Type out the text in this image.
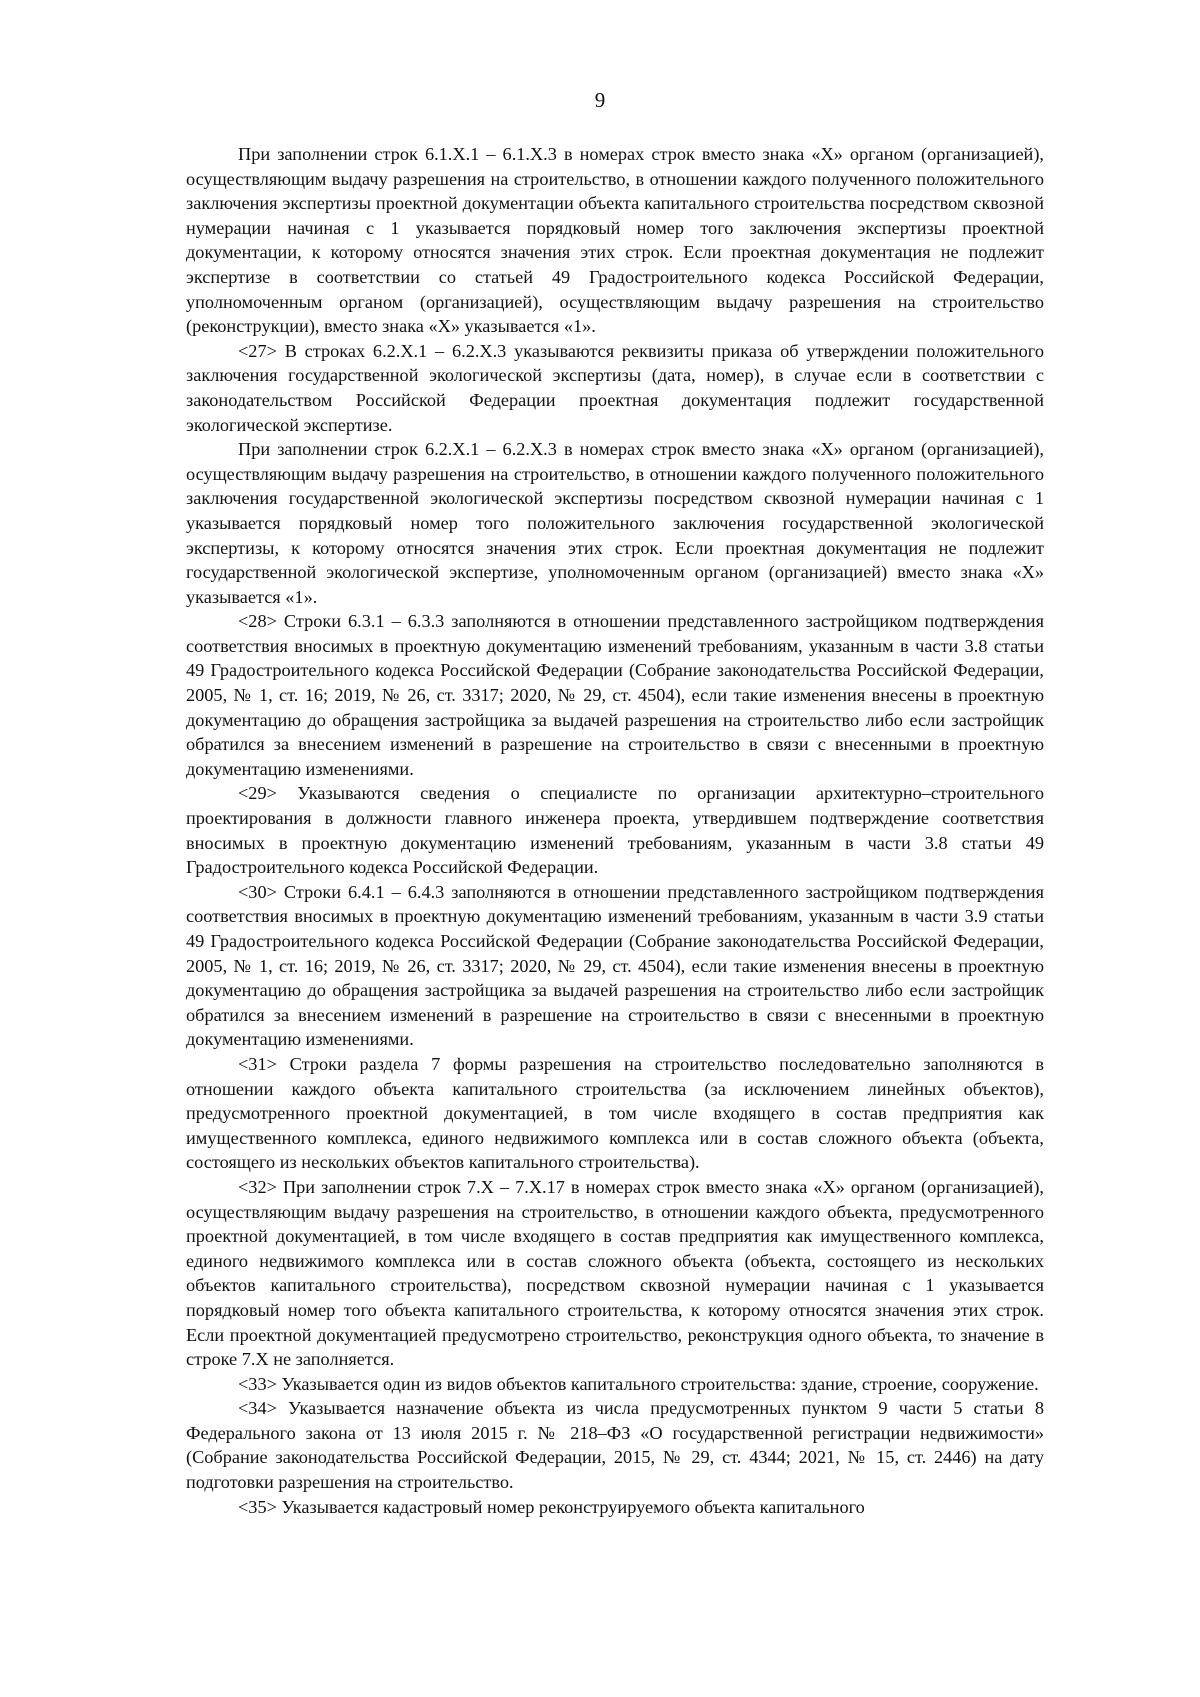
9

При заполнении строк 6.1.Х.1 – 6.1.Х.3 в номерах строк вместо знака «Х» органом (организацией), осуществляющим выдачу разрешения на строительство, в отношении каждого полученного положительного заключения экспертизы проектной документации объекта капитального строительства посредством сквозной нумерации начиная с 1 указывается порядковый номер того заключения экспертизы проектной документации, к которому относятся значения этих строк. Если проектная документация не подлежит экспертизе в соответствии со статьей 49 Градостроительного кодекса Российской Федерации, уполномоченным органом (организацией), осуществляющим выдачу разрешения на строительство (реконструкции), вместо знака «Х» указывается «1».

<27> В строках 6.2.Х.1 – 6.2.Х.3 указываются реквизиты приказа об утверждении положительного заключения государственной экологической экспертизы (дата, номер), в случае если в соответствии с законодательством Российской Федерации проектная документация подлежит государственной экологической экспертизе.

При заполнении строк 6.2.Х.1 – 6.2.Х.3 в номерах строк вместо знака «Х» органом (организацией), осуществляющим выдачу разрешения на строительство, в отношении каждого полученного положительного заключения государственной экологической экспертизы посредством сквозной нумерации начиная с 1 указывается порядковый номер того положительного заключения государственной экологической экспертизы, к которому относятся значения этих строк. Если проектная документация не подлежит государственной экологической экспертизе, уполномоченным органом (организацией) вместо знака «Х» указывается «1».

<28> Строки 6.3.1 – 6.3.3 заполняются в отношении представленного застройщиком подтверждения соответствия вносимых в проектную документацию изменений требованиям, указанным в части 3.8 статьи 49 Градостроительного кодекса Российской Федерации (Собрание законодательства Российской Федерации, 2005, № 1, ст. 16; 2019, № 26, ст. 3317; 2020, № 29, ст. 4504), если такие изменения внесены в проектную документацию до обращения застройщика за выдачей разрешения на строительство либо если застройщик обратился за внесением изменений в разрешение на строительство в связи с внесенными в проектную документацию изменениями.

<29> Указываются сведения о специалисте по организации архитектурно–строительного проектирования в должности главного инженера проекта, утвердившем подтверждение соответствия вносимых в проектную документацию изменений требованиям, указанным в части 3.8 статьи 49 Градостроительного кодекса Российской Федерации.

<30> Строки 6.4.1 – 6.4.3 заполняются в отношении представленного застройщиком подтверждения соответствия вносимых в проектную документацию изменений требованиям, указанным в части 3.9 статьи 49 Градостроительного кодекса Российской Федерации (Собрание законодательства Российской Федерации, 2005, № 1, ст. 16; 2019, № 26, ст. 3317; 2020, № 29, ст. 4504), если такие изменения внесены в проектную документацию до обращения застройщика за выдачей разрешения на строительство либо если застройщик обратился за внесением изменений в разрешение на строительство в связи с внесенными в проектную документацию изменениями.

<31> Строки раздела 7 формы разрешения на строительство последовательно заполняются в отношении каждого объекта капитального строительства (за исключением линейных объектов), предусмотренного проектной документацией, в том числе входящего в состав предприятия как имущественного комплекса, единого недвижимого комплекса или в состав сложного объекта (объекта, состоящего из нескольких объектов капитального строительства).

<32> При заполнении строк 7.Х – 7.Х.17 в номерах строк вместо знака «Х» органом (организацией), осуществляющим выдачу разрешения на строительство, в отношении каждого объекта, предусмотренного проектной документацией, в том числе входящего в состав предприятия как имущественного комплекса, единого недвижимого комплекса или в состав сложного объекта (объекта, состоящего из нескольких объектов капитального строительства), посредством сквозной нумерации начиная с 1 указывается порядковый номер того объекта капитального строительства, к которому относятся значения этих строк. Если проектной документацией предусмотрено строительство, реконструкция одного объекта, то значение в строке 7.Х не заполняется.

<33> Указывается один из видов объектов капитального строительства: здание, строение, сооружение.

<34> Указывается назначение объекта из числа предусмотренных пунктом 9 части 5 статьи 8 Федерального закона от 13 июля 2015 г. № 218–ФЗ «О государственной регистрации недвижимости» (Собрание законодательства Российской Федерации, 2015, № 29, ст. 4344; 2021, № 15, ст. 2446) на дату подготовки разрешения на строительство.

<35> Указывается кадастровый номер реконструируемого объекта капитального
